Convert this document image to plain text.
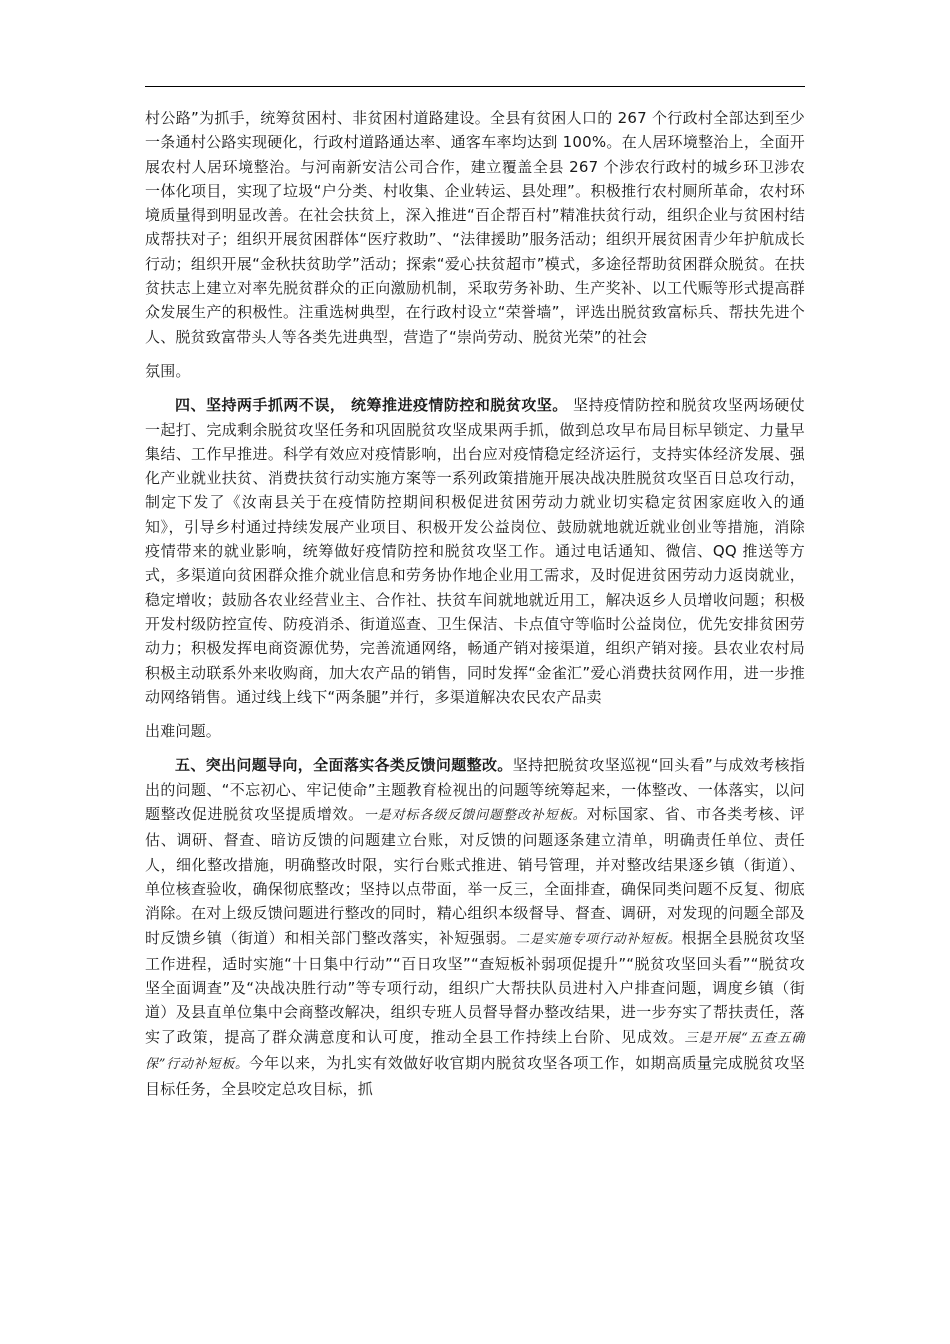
村公路”为抓手，统筹贫困村、非贫困村道路建设。全县有贫困人口的 267 个行政村全部达到至少一条通村公路实现硬化，行政村道路通达率、通客车率均达到 100%。在人居环境整治上，全面开展农村人居环境整治。与河南新安洁公司合作，建立覆盖全县 267 个涉农行政村的城乡环卫涉农一体化项目，实现了垃圾“户分类、村收集、企业转运、县处理”。积极推行农村厕所革命，农村环境质量得到明显改善。在社会扶贫上，深入推进“百企帮百村”精准扶贫行动，组织企业与贫困村结成帮扶对子；组织开展贫困群体“医疗救助”、“法律援助”服务活动；组织开展贫困青少年护航成长行动；组织开展“金秋扶贫助学”活动；探索“爱心扶贫超市”模式，多途径帮助贫困群众脱贫。在扶贫扶志上建立对率先脱贫群众的正向激励机制，采取劳务补助、生产奖补、以工代赈等形式提高群众发展生产的积极性。注重选树典型，在行政村设立“荣誉墙”，评选出脱贫致富标兵、帮扶先进个人、脱贫致富带头人等各类先进典型，营造了“崇尚劳动、脱贫光荣”的社会

氛围。

四、坚持两手抓两不误， 统筹推进疫情防控和脱贫攻坚。 坚持疫情防控和脱贫攻坚两场硬仗一起打、完成剩余脱贫攻坚任务和巩固脱贫攻坚成果两手抓，做到总攻早布局目标早锁定、力量早集结、工作早推进。科学有效应对疫情影响，出台应对疫情稳定经济运行，支持实体经济发展、强化产业就业扶贫、消费扶贫行动实施方案等一系列政策措施开展决战决胜脱贫攻坚百日总攻行动，制定下发了《汝南县关于在疫情防控期间积极促进贫困劳动力就业切实稳定贫困家庭收入的通知》，引导乡村通过持续发展产业项目、积极开发公益岗位、鼓励就地就近就业创业等措施，消除疫情带来的就业影响，统筹做好疫情防控和脱贫攻坚工作。通过电话通知、微信、QQ 推送等方式，多渠道向贫困群众推介就业信息和劳务协作地企业用工需求，及时促进贫困劳动力返岗就业，稳定增收；鼓励各农业经营业主、合作社、扶贫车间就地就近用工，解决返乡人员增收问题；积极开发村级防控宣传、防疫消杀、街道巡查、卫生保洁、卡点值守等临时公益岗位，优先安排贫困劳动力；积极发挥电商资源优势，完善流通网络，畅通产销对接渠道，组织产销对接。县农业农村局积极主动联系外来收购商，加大农产品的销售，同时发挥“金雀汇”爱心消费扶贫网作用，进一步推动网络销售。通过线上线下“两条腿”并行，多渠道解决农民农产品卖

出难问题。

五、突出问题导向，全面落实各类反馈问题整改。坚持把脱贫攻坚巡视“回头看”与成效考核指出的问题、“不忘初心、牢记使命”主题教育检视出的问题等统筹起来，一体整改、一体落实，以问题整改促进脱贫攻坚提质增效。一是对标各级反馈问题整改补短板。对标国家、省、市各类考核、评估、调研、督查、暗访反馈的问题建立台账，对反馈的问题逐条建立清单，明确责任单位、责任人，细化整改措施，明确整改时限，实行台账式推进、销号管理，并对整改结果逐乡镇（街道）、单位核查验收，确保彻底整改；坚持以点带面，举一反三，全面排查，确保同类问题不反复、彻底消除。在对上级反馈问题进行整改的同时，精心组织本级督导、督查、调研，对发现的问题全部及时反馈乡镇（街道）和相关部门整改落实，补短强弱。二是实施专项行动补短板。根据全县脱贫攻坚工作进程，适时实施“十日集中行动”“百日攻坚”“查短板补弱项促提升”“脱贫攻坚回头看”“脱贫攻坚全面调查”及“决战决胜行动”等专项行动，组织广大帮扶队员进村入户排查问题，调度乡镇（街道）及县直单位集中会商整改解决，组织专班人员督导督办整改结果，进一步夯实了帮扶责任，落实了政策，提高了群众满意度和认可度，推动全县工作持续上台阶、见成效。三是开展“五查五确保”行动补短板。今年以来，为扎实有效做好收官期内脱贫攻坚各项工作，如期高质量完成脱贫攻坚目标任务，全县咬定总攻目标，抓
